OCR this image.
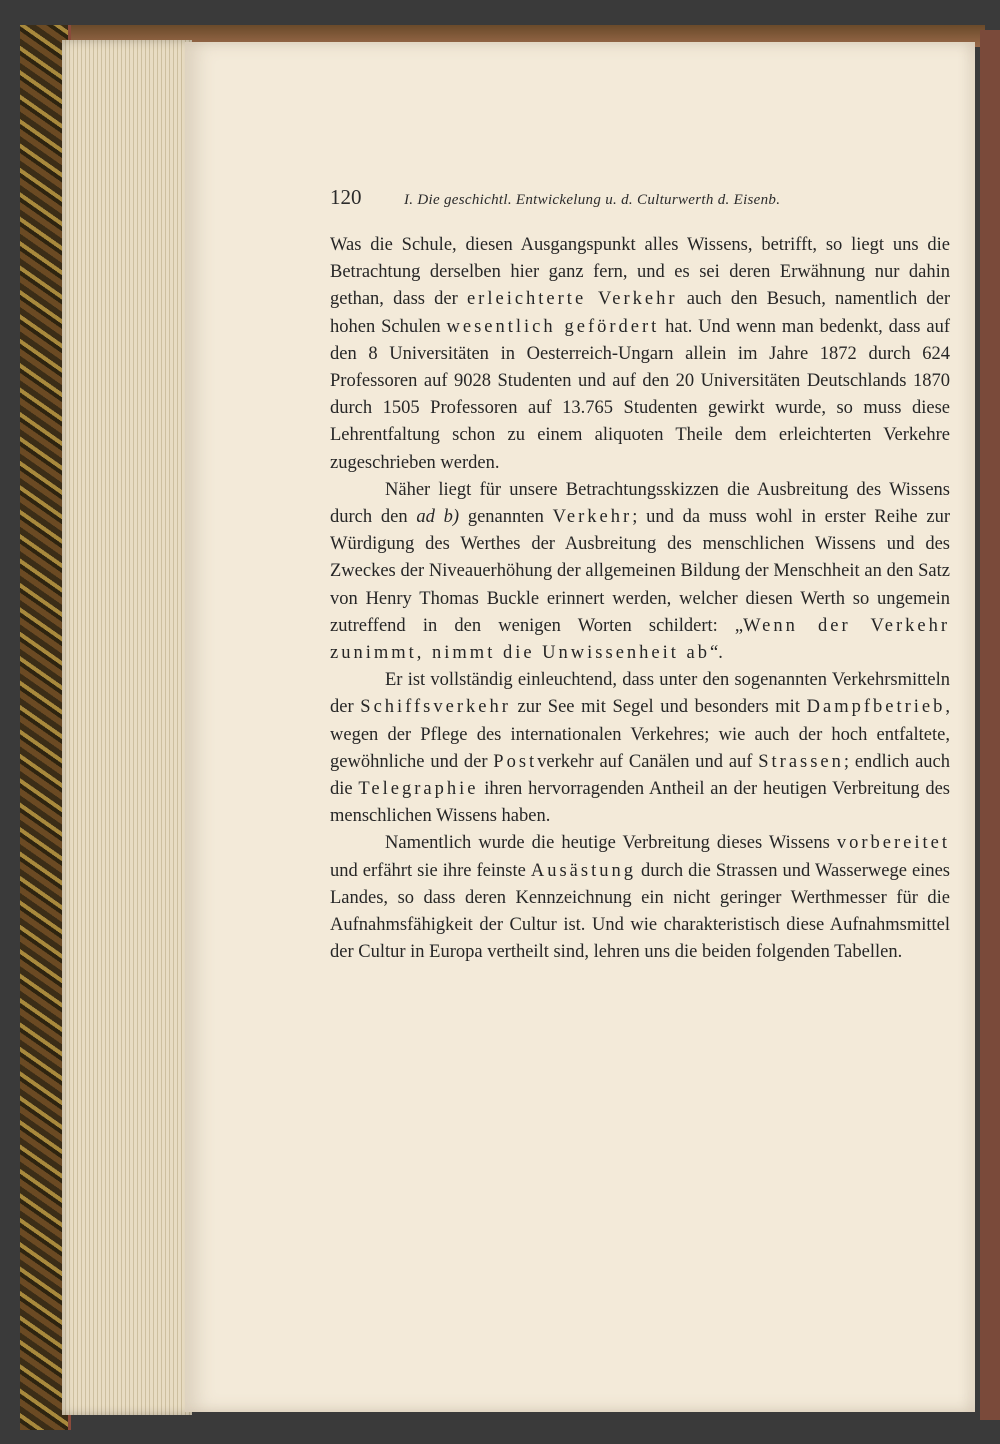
120	I. Die geschichtl. Entwickelung u. d. Culturwerth d. Eisenb.

Was die Schule, diesen Ausgangspunkt alles Wissens, betrifft, so liegt uns die Betrachtung derselben hier ganz fern, und es sei deren Erwähnung nur dahin gethan, dass der erleichterte Verkehr auch den Besuch, namentlich der hohen Schulen wesentlich gefördert hat. Und wenn man bedenkt, dass auf den 8 Universitäten in Oesterreich-Ungarn allein im Jahre 1872 durch 624 Professoren auf 9028 Studenten und auf den 20 Universitäten Deutschlands 1870 durch 1505 Professoren auf 13.765 Studenten gewirkt wurde, so muss diese Lehrentfaltung schon zu einem aliquoten Theile dem erleichterten Verkehre zugeschrieben werden.

Näher liegt für unsere Betrachtungsskizzen die Ausbreitung des Wissens durch den ad b) genannten Verkehr; und da muss wohl in erster Reihe zur Würdigung des Werthes der Ausbreitung des menschlichen Wissens und des Zweckes der Niveauerhöhung der allgemeinen Bildung der Menschheit an den Satz von Henry Thomas Buckle erinnert werden, welcher diesen Werth so ungemein zutreffend in den wenigen Worten schildert: „Wenn der Verkehr zunimmt, nimmt die Unwissenheit ab“.

Er ist vollständig einleuchtend, dass unter den sogenannten Verkehrsmitteln der Schiffsverkehr zur See mit Segel und besonders mit Dampfbetrieb, wegen der Pflege des internationalen Verkehres; wie auch der hoch entfaltete, gewöhnliche und der Postverkehr auf Canälen und auf Strassen; endlich auch die Telegraphie ihren hervorragenden Antheil an der heutigen Verbreitung des menschlichen Wissens haben.

Namentlich wurde die heutige Verbreitung dieses Wissens vorbereitet und erfährt sie ihre feinste Ausästung durch die Strassen und Wasserwege eines Landes, so dass deren Kennzeichnung ein nicht geringer Werthmesser für die Aufnahmsfähigkeit der Cultur ist. Und wie charakteristisch diese Aufnahmsmittel der Cultur in Europa vertheilt sind, lehren uns die beiden folgenden Tabellen.
